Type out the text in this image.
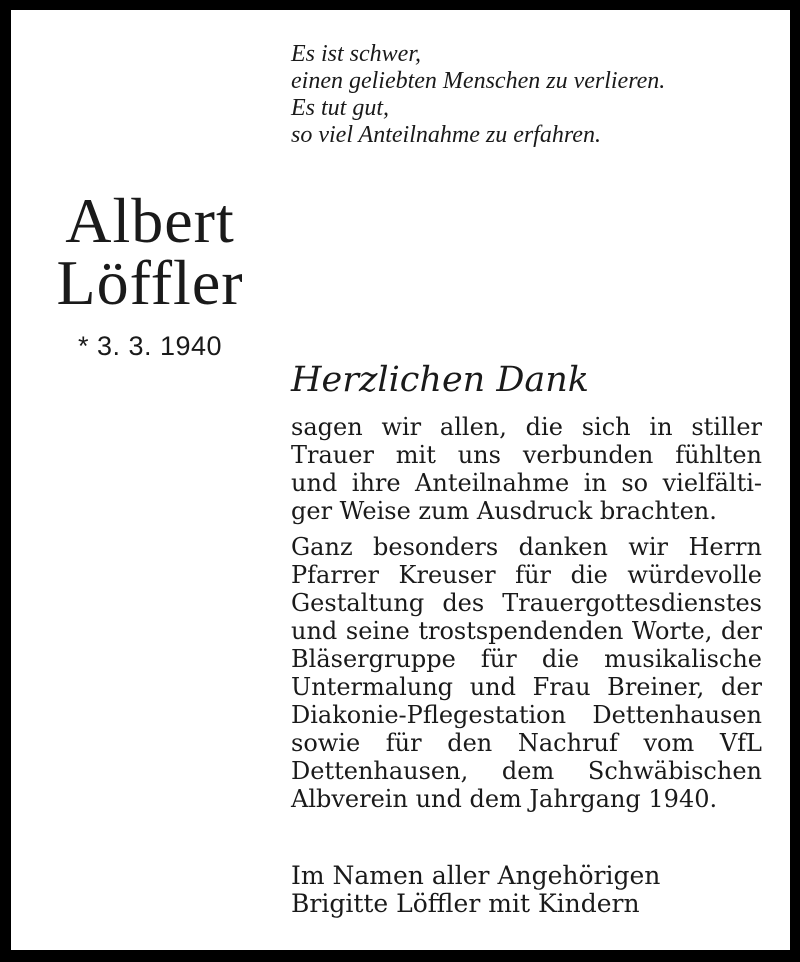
Es ist schwer,
einen geliebten Menschen zu verlieren.
Es tut gut,
so viel Anteilnahme zu erfahren.
Albert
Löffler
* 3. 3. 1940
Herzlichen Dank
sagen wir allen, die sich in stiller
Trauer mit uns verbunden fühlten
und ihre Anteilnahme in so vielfälti-
ger Weise zum Ausdruck brachten.
Ganz besonders danken wir Herrn
Pfarrer Kreuser für die würdevolle
Gestaltung des Trauergottesdienstes
und seine trostspendenden Worte, der
Bläsergruppe für die musikalische
Untermalung und Frau Breiner, der
Diakonie-Pflegestation Dettenhausen
sowie für den Nachruf vom VfL
Dettenhausen, dem Schwäbischen
Albverein und dem Jahrgang 1940.
Im Namen aller Angehörigen
Brigitte Löffler mit Kindern
